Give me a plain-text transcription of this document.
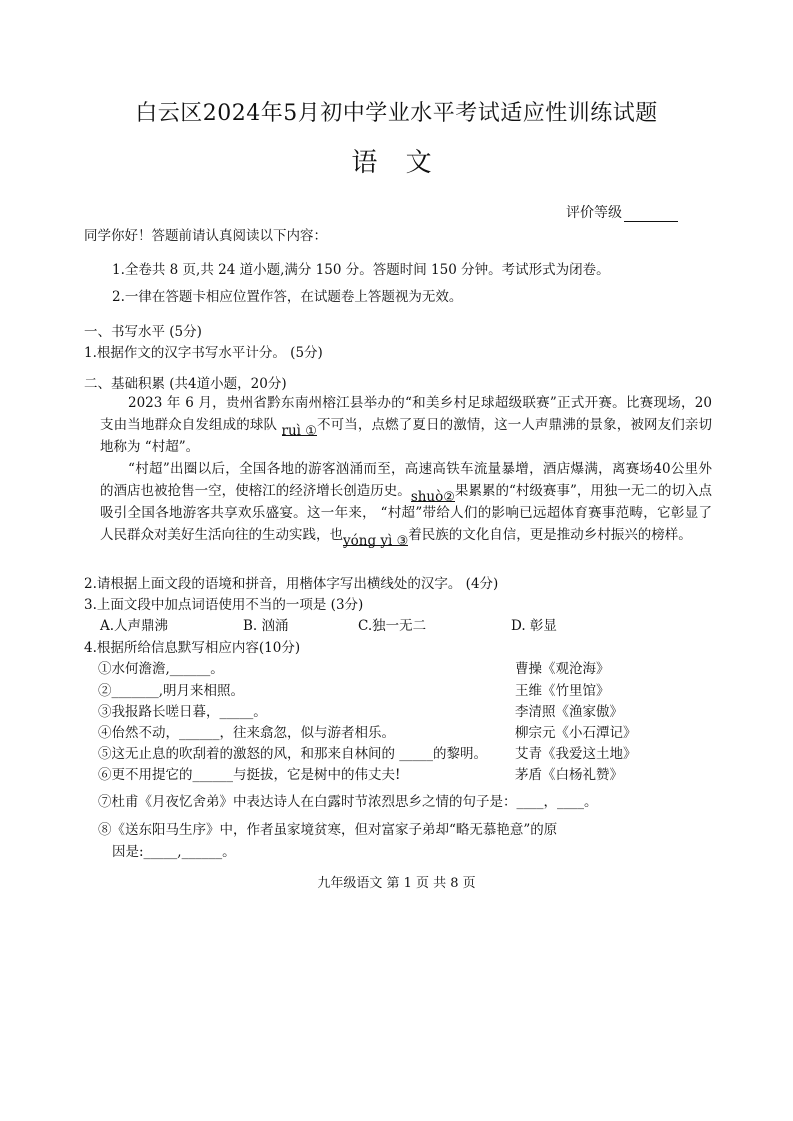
白云区2024年5月初中学业水平考试适应性训练试题
语 文
评价等级
同学你好！答题前请认真阅读以下内容：
1.全卷共 8 页,共 24 道小题,满分 150 分。答题时间 150 分钟。考试形式为闭卷。
2.一律在答题卡相应位置作答，在试题卷上答题视为无效。
一、书写水平 (5分)
1.根据作文的汉字书写水平计分。 (5分)
二、基础积累 (共4道小题，20分)
2023 年 6 月，贵州省黔东南州榕江县举办的“和美乡村足球超级联赛”正式开赛。比赛现场，20支由当地群众自发组成的球队 ruì ①不可当，点燃了夏日的激情，这一人声鼎沸的景象，被网友们亲切地称为 “村超”。
“村超”出圈以后，全国各地的游客汹涌而至，高速高铁车流量暴增，酒店爆满，离赛场40公里外的酒店也被抢售一空，使榕江的经济增长创造历史。shuò②果累累的“村级赛事”，用独一无二的切入点吸引全国各地游客共享欢乐盛宴。这一年来， “村超”带给人们的影响已远超体育赛事范畴，它彰显了人民群众对美好生活向往的生动实践，也yóng yì ③着民族的文化自信，更是推动乡村振兴的榜样。
2.请根据上面文段的语境和拼音，用楷体字写出横线处的汉字。 (4分)
3.上面文段中加点词语使用不当的一项是 (3分)
A.人声鼎沸	B. 汹涌	C.独一无二	D. 彰显
4.根据所给信息默写相应内容(10分)
①水何澹澹,______。	曹操《观沧海》
②_______,明月来相照。	王维《竹里馆》
③我报路长嗟日暮，_____。	李清照《渔家傲》
④佁然不动，______，往来翕忽，似与游者相乐。	柳宗元《小石潭记》
⑤这无止息的吹刮着的激怒的风，和那来自林间的 _____的黎明。 艾青《我爱这土地》
⑥更不用提它的______与挺拔，它是树中的伟丈夫!	茅盾《白杨礼赞》
⑦杜甫《月夜忆舍弟》中表达诗人在白露时节浓烈思乡之情的句子是：____，____。
⑧《送东阳马生序》中，作者虽家境贫寒，但对富家子弟却“略无慕艳意”的原
因是:_____,______。
九年级语文 第 1 页 共 8 页
